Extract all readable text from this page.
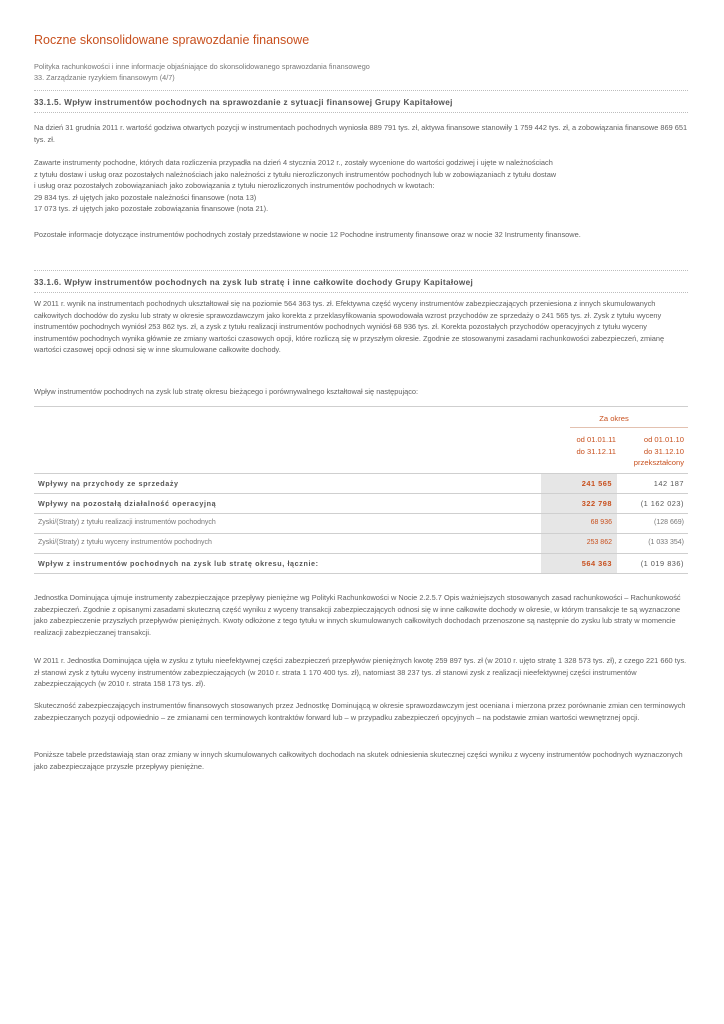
Roczne skonsolidowane sprawozdanie finansowe
Polityka rachunkowości i inne informacje objaśniające do skonsolidowanego sprawozdania finansowego
33. Zarządzanie ryzykiem finansowym (4/7)
33.1.5. Wpływ instrumentów pochodnych na sprawozdanie z sytuacji finansowej Grupy Kapitałowej

Na dzień 31 grudnia 2011 r. wartość godziwa otwartych pozycji w instrumentach pochodnych wyniosła 889 791 tys. zł, aktywa finansowe stanowiły 1 759 442 tys. zł, a zobowiązania finansowe 869 651 tys. zł.

Zawarte instrumenty pochodne, których data rozliczenia przypadła na dzień 4 stycznia 2012 r., zostały wycenione do wartości godziwej i ujęte w należnościach

z tytułu dostaw i usług oraz pozostałych należnościach jako należności z tytułu nierozliczonych instrumentów pochodnych lub w zobowiązaniach z tytułu dostaw

i usług oraz pozostałych zobowiązaniach jako zobowiązania z tytułu nierozliczonych instrumentów pochodnych w kwotach:

29 834 tys. zł ujętych jako pozostałe należności finansowe (nota 13)

17 073 tys. zł ujętych jako pozostałe zobowiązania finansowe (nota 21).

Pozostałe informacje dotyczące instrumentów pochodnych zostały przedstawione w nocie 12 Pochodne instrumenty finansowe oraz w nocie 32 Instrumenty finansowe.

33.1.6. Wpływ instrumentów pochodnych na zysk lub stratę i inne całkowite dochody Grupy Kapitałowej

W 2011 r. wynik na instrumentach pochodnych ukształtował się na poziomie 564 363 tys. zł. Efektywna część wyceny instrumentów zabezpieczających przeniesiona z innych skumulowanych całkowitych dochodów do zysku lub straty w okresie sprawozdawczym jako korekta z przeklasyfikowania spowodowała wzrost przychodów ze sprzedaży o 241 565 tys. zł. Zysk z tytułu wyceny instrumentów pochodnych wyniósł 253 862 tys. zł, a zysk z tytułu realizacji instrumentów pochodnych wyniósł 68 936 tys. zł. Korekta pozostałych przychodów operacyjnych z tytułu wyceny instrumentów pochodnych wynika głównie ze zmiany wartości czasowych opcji, które rozliczą się w przyszłym okresie. Zgodnie ze stosowanymi zasadami rachunkowości zabezpieczeń, zmianę wartości czasowej opcji odnosi się w inne skumulowane całkowite dochody.

Wpływ instrumentów pochodnych na zysk lub stratę okresu bieżącego i porównywalnego kształtował się następująco:

Za okres
od 01.01.11
do 31.12.11
od 01.01.10
do 31.12.10
przekształcony
Wpływy na przychody ze sprzedaży	241 565	142 187
Wpływy na pozostałą działalność operacyjną	322 798	(1 162 023)
Zyski/(Straty) z tytułu realizacji instrumentów pochodnych	68 936	(128 669)
Zyski/(Straty) z tytułu wyceny instrumentów pochodnych	253 862	(1 033 354)
Wpływ z instrumentów pochodnych na zysk lub stratę okresu, łącznie:	564 363	(1 019 836)

Jednostka Dominująca ujmuje instrumenty zabezpieczające przepływy pieniężne wg Polityki Rachunkowości w Nocie 2.2.5.7 Opis ważniejszych stosowanych zasad rachunkowości – Rachunkowość zabezpieczeń. Zgodnie z opisanymi zasadami skuteczną część wyniku z wyceny transakcji zabezpieczających odnosi się w inne całkowite dochody w okresie, w którym transakcje te są wyznaczone jako zabezpieczenie przyszłych przepływów pieniężnych. Kwoty odłożone z tego tytułu w innych skumulowanych całkowitych dochodach przenoszone są następnie do zysku lub straty w momencie realizacji zabezpieczanej transakcji.

W 2011 r. Jednostka Dominująca ujęła w zysku z tytułu nieefektywnej części zabezpieczeń przepływów pieniężnych kwotę 259 897 tys. zł (w 2010 r. ujęto stratę 1 328 573 tys. zł), z czego 221 660 tys. zł stanowi zysk z tytułu wyceny instrumentów zabezpieczających (w 2010 r. strata 1 170 400 tys. zł), natomiast 38 237 tys. zł stanowi zysk z realizacji nieefektywnej części instrumentów zabezpieczających (w 2010 r. strata 158 173 tys. zł).

Skuteczność zabezpieczających instrumentów finansowych stosowanych przez Jednostkę Dominującą w okresie sprawozdawczym jest oceniana i mierzona przez porównanie zmian cen terminowych zabezpieczanych pozycji odpowiednio – ze zmianami cen terminowych kontraktów forward lub – w przypadku zabezpieczeń opcyjnych – na podstawie zmian wartości wewnętrznej opcji.

Poniższe tabele przedstawiają stan oraz zmiany w innych skumulowanych całkowitych dochodach na skutek odniesienia skutecznej części wyniku z wyceny instrumentów pochodnych wyznaczonych jako zabezpieczające przyszłe przepływy pieniężne.
